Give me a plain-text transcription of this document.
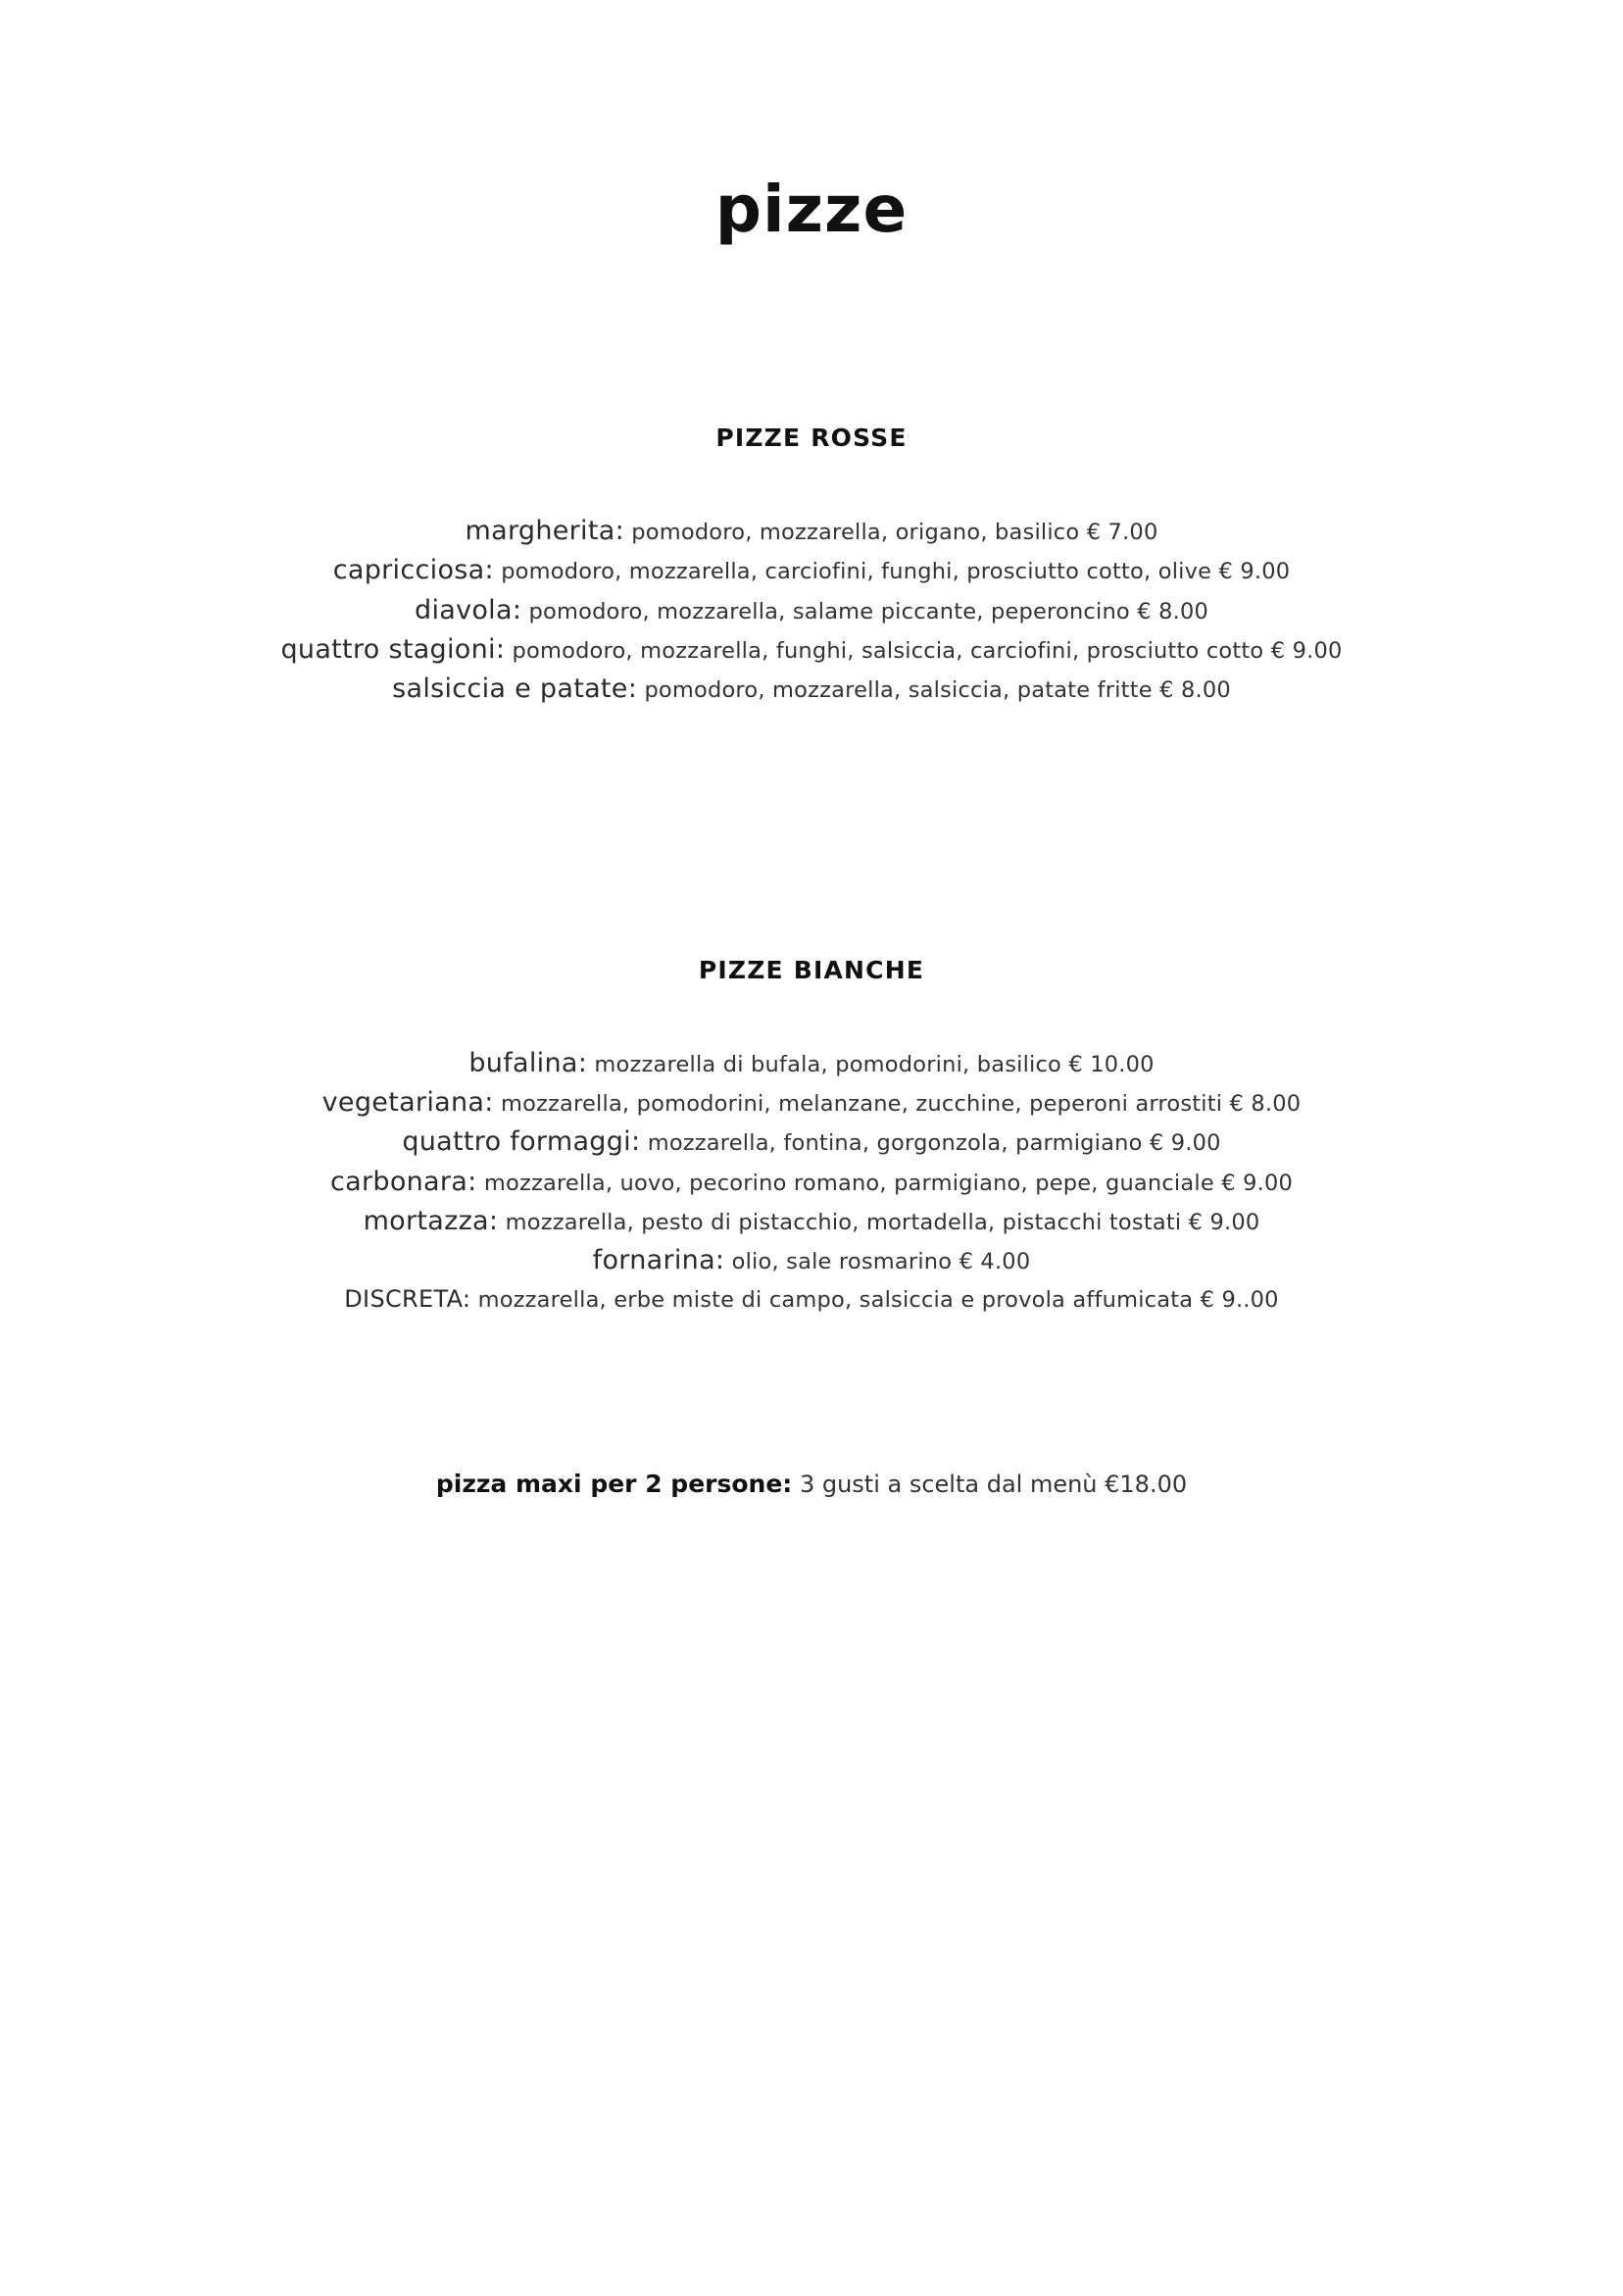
pizze
PIZZE ROSSE

margherita: pomodoro, mozzarella, origano, basilico € 7.00

capricciosa: pomodoro, mozzarella, carciofini, funghi, prosciutto cotto, olive € 9.00

diavola: pomodoro, mozzarella, salame piccante, peperoncino € 8.00

quattro stagioni: pomodoro, mozzarella, funghi, salsiccia, carciofini, prosciutto cotto € 9.00

salsiccia e patate: pomodoro, mozzarella, salsiccia, patate fritte € 8.00

PIZZE BIANCHE

bufalina: mozzarella di bufala, pomodorini, basilico € 10.00

vegetariana: mozzarella, pomodorini, melanzane, zucchine, peperoni arrostiti € 8.00

quattro formaggi: mozzarella, fontina, gorgonzola, parmigiano € 9.00

carbonara: mozzarella, uovo, pecorino romano, parmigiano, pepe, guanciale € 9.00

mortazza: mozzarella, pesto di pistacchio, mortadella, pistacchi tostati € 9.00

fornarina: olio, sale rosmarino € 4.00

DISCRETA: mozzarella, erbe miste di campo, salsiccia e provola affumicata € 9..00

pizza maxi per 2 persone: 3 gusti a scelta dal menù €18.00
